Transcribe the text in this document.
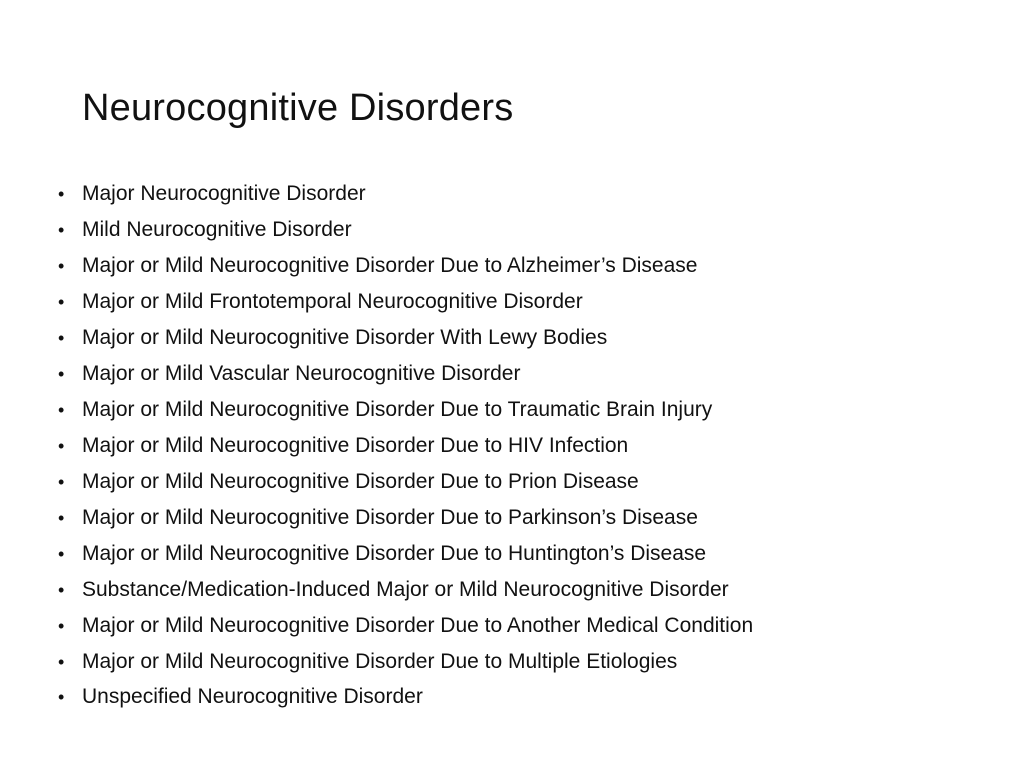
Neurocognitive Disorders
• Major Neurocognitive Disorder
• Mild Neurocognitive Disorder
• Major or Mild Neurocognitive Disorder Due to Alzheimer’s Disease
• Major or Mild Frontotemporal Neurocognitive Disorder
• Major or Mild Neurocognitive Disorder With Lewy Bodies
• Major or Mild Vascular Neurocognitive Disorder
• Major or Mild Neurocognitive Disorder Due to Traumatic Brain Injury
• Major or Mild Neurocognitive Disorder Due to HIV Infection
• Major or Mild Neurocognitive Disorder Due to Prion Disease
• Major or Mild Neurocognitive Disorder Due to Parkinson’s Disease
• Major or Mild Neurocognitive Disorder Due to Huntington’s Disease
• Substance/Medication-Induced Major or Mild Neurocognitive Disorder
• Major or Mild Neurocognitive Disorder Due to Another Medical Condition
• Major or Mild Neurocognitive Disorder Due to Multiple Etiologies
• Unspecified Neurocognitive Disorder
